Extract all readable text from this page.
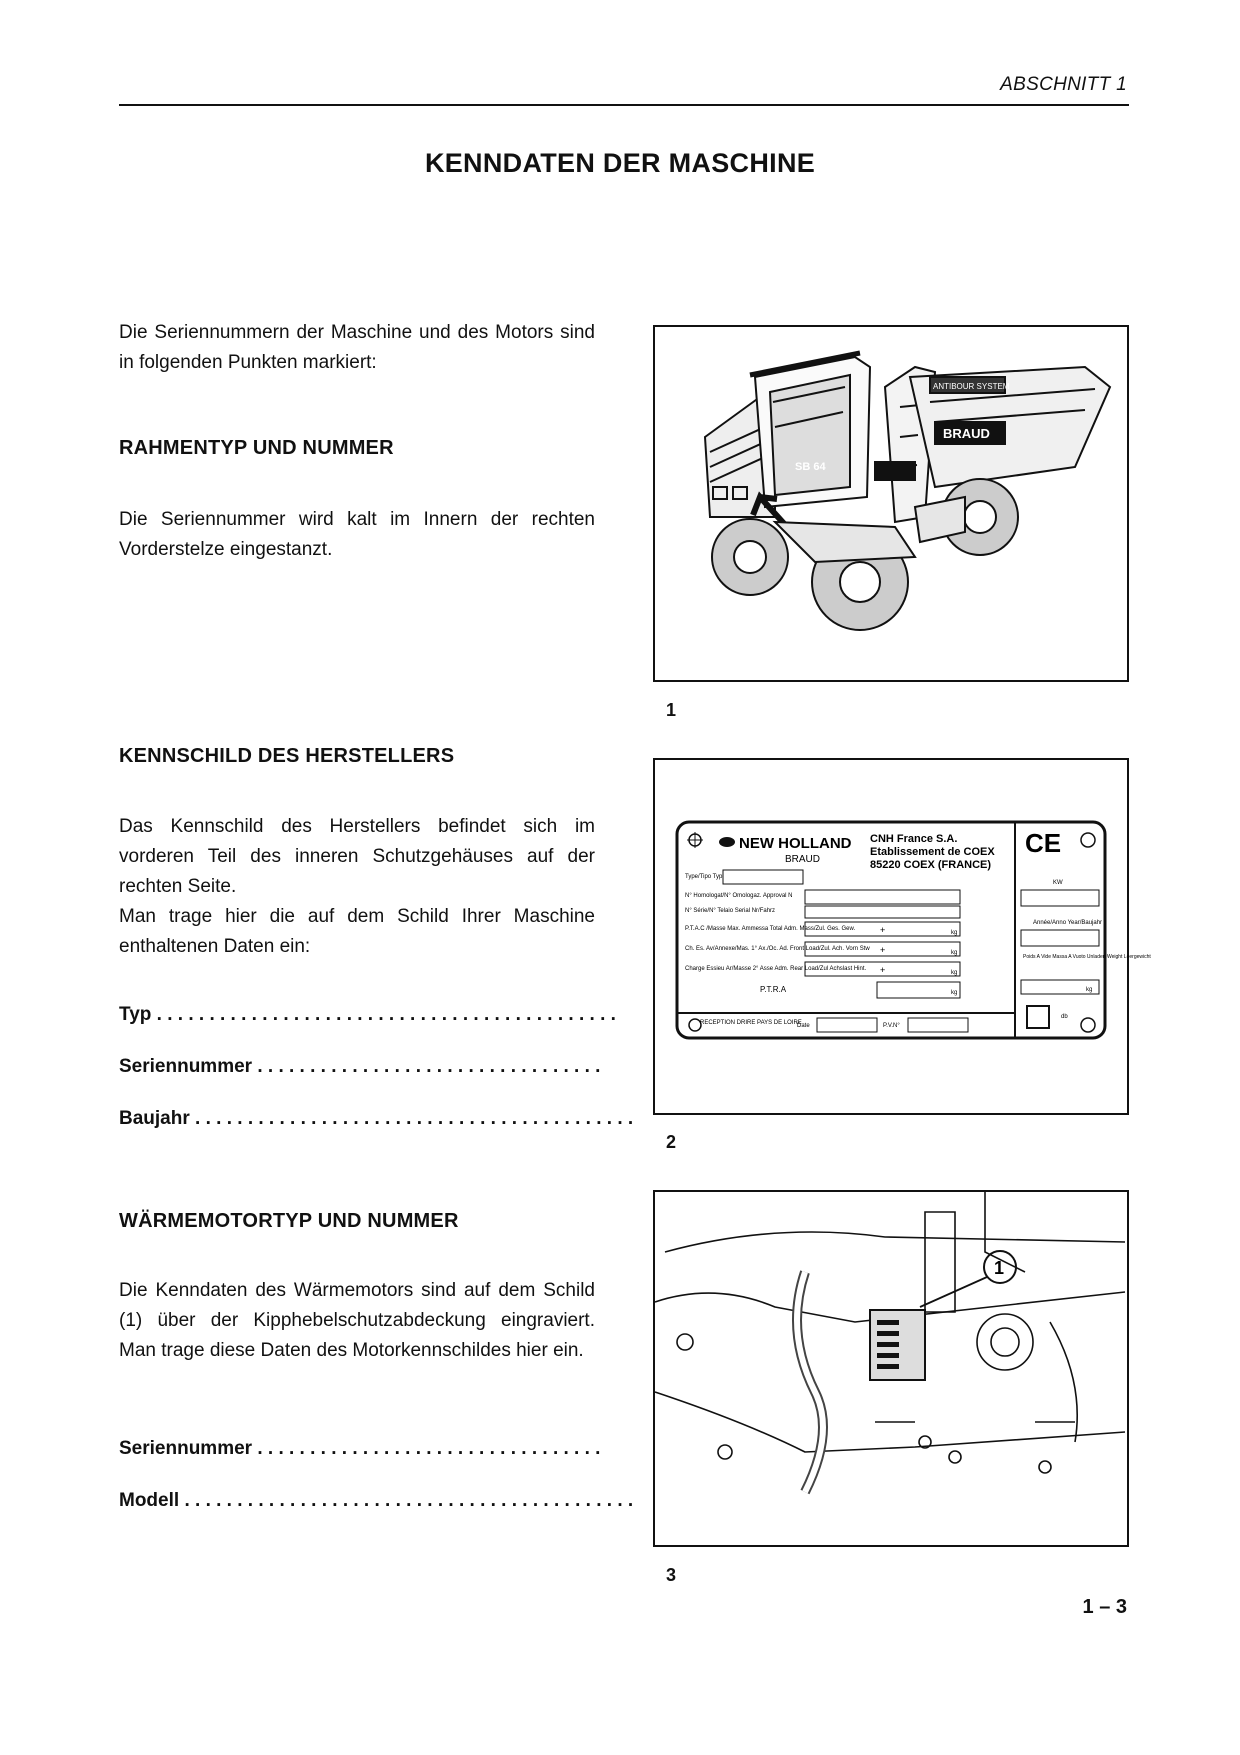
ABSCHNITT 1
KENNDATEN DER MASCHINE

Die Seriennummern der Maschine und des Motors sind in folgenden Punkten markiert:

RAHMENTYP UND NUMMER

Die Seriennummer wird kalt im Innern der rechten Vorderstelze eingestanzt.

KENNSCHILD DES HERSTELLERS

Das Kennschild des Herstellers befindet sich im vorderen Teil des inneren Schutzgehäuses auf der rechten Seite.

Man trage hier die auf dem Schild Ihrer Maschine enthaltenen Daten ein:

Typ . . . . . . . . . . . . . . . . . . . . . . . . . . . . . . . . . . . . . . . . . . . .
Seriennummer . . . . . . . . . . . . . . . . . . . . . . . . . . . . . . . . .
Baujahr . . . . . . . . . . . . . . . . . . . . . . . . . . . . . . . . . . . . . . . . . .
WÄRMEMOTORTYP UND NUMMER

Die Kenndaten des Wärmemotors sind auf dem Schild (1) über der Kipphebelschutzabdeckung eingraviert. Man trage diese Daten des Motorkennschildes hier ein.

Seriennummer . . . . . . . . . . . . . . . . . . . . . . . . . . . . . . . . .
Modell . . . . . . . . . . . . . . . . . . . . . . . . . . . . . . . . . . . . . . . . . . .
SB 64
BRAUD
ANTIBOUR SYSTEM
1
NEW HOLLAND
BRAUD
CNH France S.A.
Etablissement de COEX
85220 COEX (FRANCE)
CE
Type/Tipo Typ
N° Homologat/N° Omologaz. Approval N
N° Série/N° Telaio Serial Nr/Fahrz
P.T.A.C /Masse Max. Ammessa Total Adm. Mass/Zul. Ges. Gew.
Ch. Es. Av/Annexe/Mas. 1° Ax./Oc. Ad. Front Load/Zul. Ach. Vorn Stw
Charge Essieu Ar/Masse 2° Asse Adm. Rear Load/Zul Achslast Hint.
P.T.R.A
+
+
+
kg
kg
kg
kg
KW
Année/Anno Year/Baujahr
Poids A Vide Massa A Vuoto Unladen Weight Leergewicht
kg
db
RECEPTION DRIRE PAYS DE LOIRE
Date	P.V.N°
2
1
3
1 – 3
